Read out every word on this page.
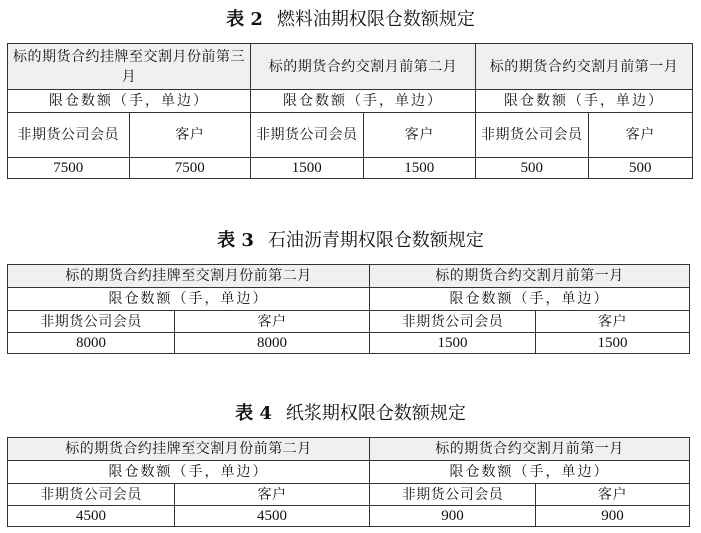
表 2 燃料油期权限仓数额规定
标的期货合约挂牌至交割月份前第三月		标的期货合约交割月前第二月		标的期货合约交割月前第一月	
限仓数额（手，单边）		限仓数额（手，单边）		限仓数额（手，单边）	
非期货公司会员	客户	非期货公司会员	客户	非期货公司会员	客户
7500	7500	1500	1500	500	500
表 3 石油沥青期权限仓数额规定
标的期货合约挂牌至交割月份前第二月		标的期货合约交割月前第一月	
限仓数额（手，单边）		限仓数额（手，单边）	
非期货公司会员	客户	非期货公司会员	客户
8000	8000	1500	1500
表 4 纸浆期权限仓数额规定
标的期货合约挂牌至交割月份前第二月		标的期货合约交割月前第一月	
限仓数额（手，单边）		限仓数额（手，单边）	
非期货公司会员	客户	非期货公司会员	客户
4500	4500	900	900
